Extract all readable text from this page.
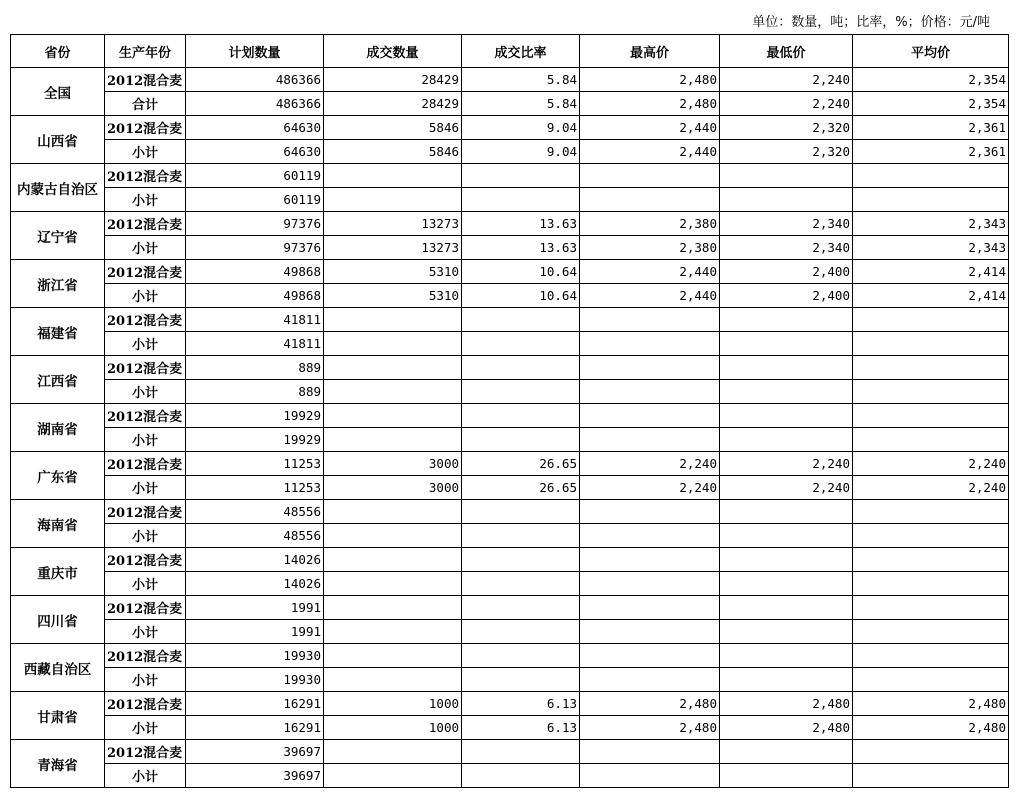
单位：数量，吨；比率，%；价格：元/吨
省份	生产年份	计划数量	成交数量	成交比率	最高价	最低价	平均价
全国	2012混合麦	486366	28429	5.84	2,480	2,240	2,354
	合计	486366	28429	5.84	2,480	2,240	2,354
山西省	2012混合麦	64630	5846	9.04	2,440	2,320	2,361
	小计	64630	5846	9.04	2,440	2,320	2,361
内蒙古自治区	2012混合麦	60119					
	小计	60119					
辽宁省	2012混合麦	97376	13273	13.63	2,380	2,340	2,343
	小计	97376	13273	13.63	2,380	2,340	2,343
浙江省	2012混合麦	49868	5310	10.64	2,440	2,400	2,414
	小计	49868	5310	10.64	2,440	2,400	2,414
福建省	2012混合麦	41811					
	小计	41811					
江西省	2012混合麦	889					
	小计	889					
湖南省	2012混合麦	19929					
	小计	19929					
广东省	2012混合麦	11253	3000	26.65	2,240	2,240	2,240
	小计	11253	3000	26.65	2,240	2,240	2,240
海南省	2012混合麦	48556					
	小计	48556					
重庆市	2012混合麦	14026					
	小计	14026					
四川省	2012混合麦	1991					
	小计	1991					
西藏自治区	2012混合麦	19930					
	小计	19930					
甘肃省	2012混合麦	16291	1000	6.13	2,480	2,480	2,480
	小计	16291	1000	6.13	2,480	2,480	2,480
青海省	2012混合麦	39697					
	小计	39697					
